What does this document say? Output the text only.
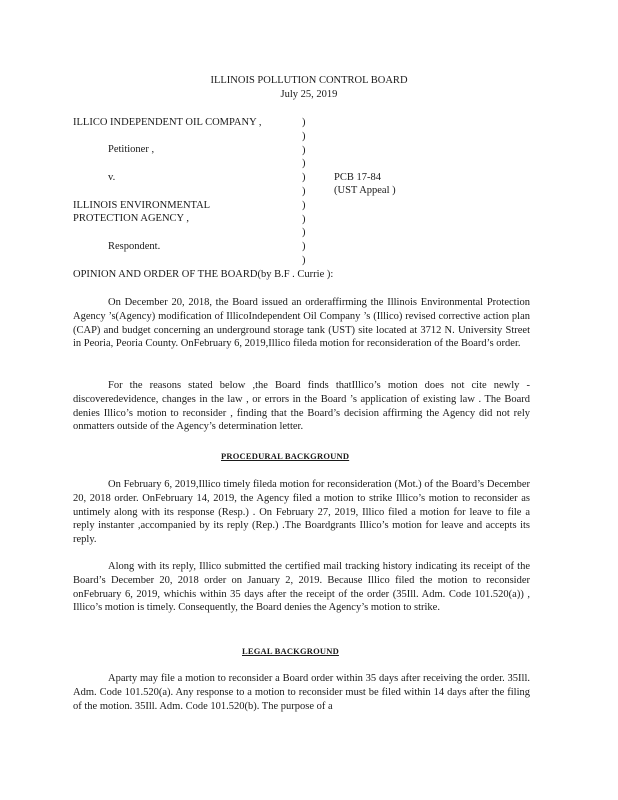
ILLINOIS POLLUTION CONTROL BOARD
July 25, 2019
ILLICO INDEPENDENT OIL COMPANY ,
Petitioner ,
v.
ILLINOIS ENVIRONMENTAL
PROTECTION AGENCY ,
Respondent.
)
)
)
)
)
)
)
)
)
)
)
PCB 17-84
(UST Appeal )
OPINION AND ORDER OF THE BOARD(by B.F . Currie ):
On December 20, 2018, the Board issued an orderaffirming the Illinois Environmental Protection Agency ’s(Agency) modification of IllicoIndependent Oil Company ’s (Illico) revised corrective action plan (CAP) and budget concerning an underground storage tank (UST) site located at 3712 N. University Street in Peoria, Peoria County. OnFebruary 6, 2019,Illico fileda motion for reconsideration of the Board’s order.
For the reasons stated below ,the Board finds thatIllico’s motion does not cite newly - discoveredevidence, changes in the law , or errors in the Board ’s application of existing law . The Board denies Illico’s motion to reconsider , finding that the Board’s decision affirming the Agency did not rely onmatters outside of the Agency’s determination letter.
PROCEDURAL BACKGROUND
On February 6, 2019,Illico timely fileda motion for reconsideration (Mot.) of the Board’s December 20, 2018 order. OnFebruary 14, 2019, the Agency filed a motion to strike Illico’s motion to reconsider as untimely along with its response (Resp.) . On February 27, 2019, Illico filed a motion for leave to file a reply instanter ,accompanied by its reply (Rep.) .The Boardgrants Illico’s motion for leave and accepts its reply.
Along with its reply, Illico submitted the certified mail tracking history indicating its receipt of the Board’s December 20, 2018 order on January 2, 2019. Because Illico filed the motion to reconsider onFebruary 6, 2019, whichis within 35 days after the receipt of the order (35Ill. Adm. Code 101.520(a)) , Illico’s motion is timely. Consequently, the Board denies the Agency’s motion to strike.
LEGAL BACKGROUND
Aparty may file a motion to reconsider a Board order within 35 days after receiving the order. 35Ill. Adm. Code 101.520(a). Any response to a motion to reconsider must be filed within 14 days after the filing of the motion. 35Ill. Adm. Code 101.520(b). The purpose of a
